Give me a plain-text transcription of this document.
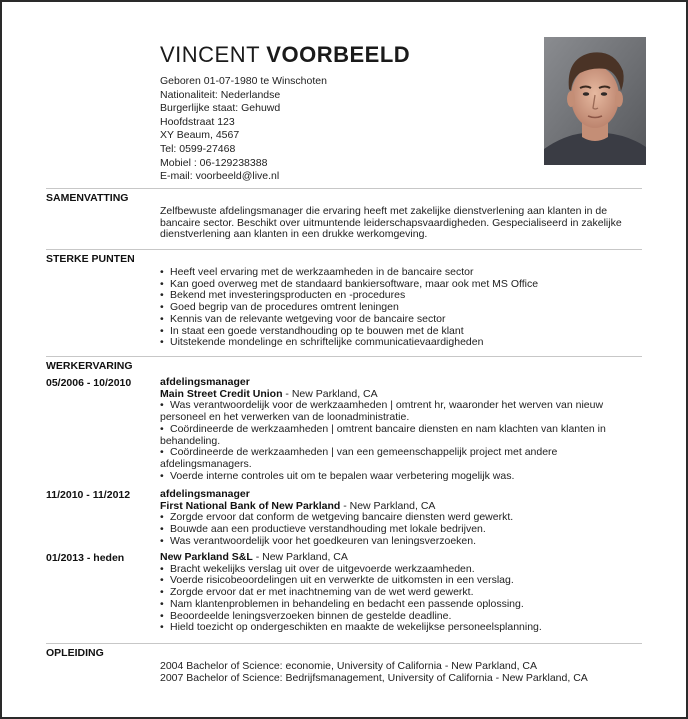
VINCENT VOORBEELD
Geboren 01-07-1980 te Winschoten
Nationaliteit: Nederlandse
Burgerlijke staat: Gehuwd
Hoofdstraat 123
XY Beaum, 4567
Tel: 0599-27468
Mobiel : 06-129238388
E-mail: voorbeeld@live.nl
SAMENVATTING

Zelfbewuste afdelingsmanager die ervaring heeft met zakelijke dienstverlening aan klanten in de bancaire sector. Beschikt over uitmuntende leiderschapsvaardigheden. Gespecialiseerd in zakelijke dienstverlening aan klanten in een drukke werkomgeving.

STERKE PUNTEN
• Heeft veel ervaring met de werkzaamheden in de bancaire sector
• Kan goed overweg met de standaard bankiersoftware, maar ook met MS Office
• Bekend met investeringsproducten en -procedures
• Goed begrip van de procedures omtrent leningen
• Kennis van de relevante wetgeving voor de bancaire sector
• In staat een goede verstandhouding op te bouwen met de klant
• Uitstekende mondelinge en schriftelijke communicatievaardigheden
WERKERVARING
05/2006 - 10/2010	afdelingsmanager
Main Street Credit Union - New Parkland, CA
• Was verantwoordelijk voor de werkzaamheden | omtrent hr, waaronder het werven van nieuw personeel en het verwerken van de loonadministratie.
• Coördineerde de werkzaamheden | omtrent bancaire diensten en nam klachten van klanten in behandeling.
• Coördineerde de werkzaamheden | van een gemeenschappelijk project met andere afdelingsmanagers.
• Voerde interne controles uit om te bepalen waar verbetering mogelijk was.
11/2010 - 11/2012	afdelingsmanager
First National Bank of New Parkland - New Parkland, CA
• Zorgde ervoor dat conform de wetgeving bancaire diensten werd gewerkt.
• Bouwde aan een productieve verstandhouding met lokale bedrijven.
• Was verantwoordelijk voor het goedkeuren van leningsverzoeken.
01/2013 - heden	New Parkland S&L - New Parkland, CA
• Bracht wekelijks verslag uit over de uitgevoerde werkzaamheden.
• Voerde risicobeoordelingen uit en verwerkte de uitkomsten in een verslag.
• Zorgde ervoor dat er met inachtneming van de wet werd gewerkt.
• Nam klantenproblemen in behandeling en bedacht een passende oplossing.
• Beoordeelde leningsverzoeken binnen de gestelde deadline.
• Hield toezicht op ondergeschikten en maakte de wekelijkse personeelsplanning.
OPLEIDING
2004 Bachelor of Science: economie, University of California - New Parkland, CA
2007 Bachelor of Science: Bedrijfsmanagement, University of California - New Parkland, CA
